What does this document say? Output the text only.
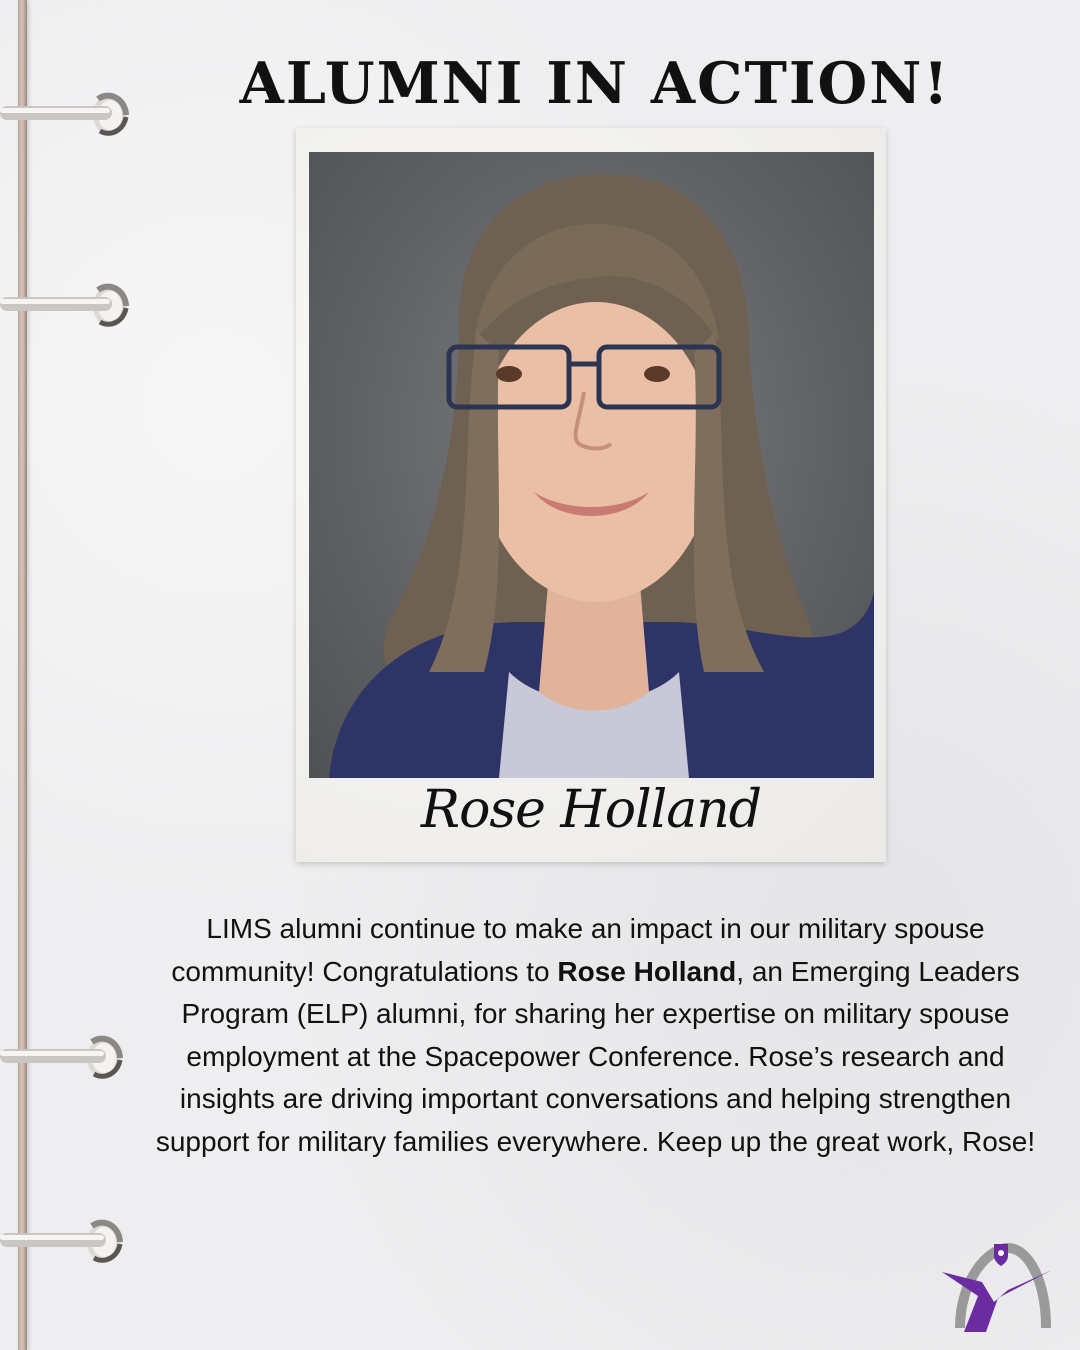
ALUMNI IN ACTION!
Rose Holland

LIMS alumni continue to make an impact in our military spouse community! Congratulations to Rose Holland, an Emerging Leaders Program (ELP) alumni, for sharing her expertise on military spouse employment at the Spacepower Conference. Rose’s research and insights are driving important conversations and helping strengthen support for military families everywhere. Keep up the great work, Rose!
